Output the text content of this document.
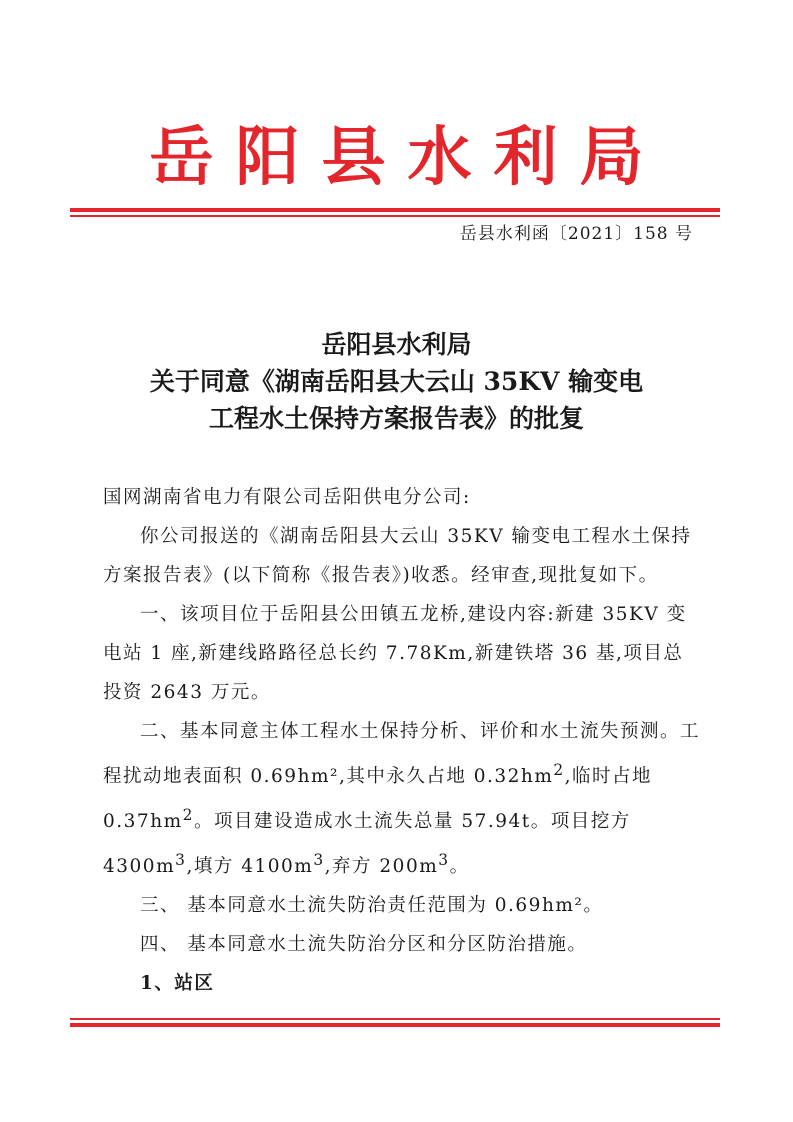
岳阳县水利局
岳县水利函〔2021〕158 号
岳阳县水利局
关于同意《湖南岳阳县大云山 35KV 输变电
工程水土保持方案报告表》的批复

国网湖南省电力有限公司岳阳供电分公司:

你公司报送的《湖南岳阳县大云山 35KV 输变电工程水土保持方案报告表》(以下简称《报告表》)收悉。经审查,现批复如下。

一、该项目位于岳阳县公田镇五龙桥,建设内容:新建 35KV 变电站 1 座,新建线路路径总长约 7.78Km,新建铁塔 36 基,项目总投资 2643 万元。

二、基本同意主体工程水土保持分析、评价和水土流失预测。工程扰动地表面积 0.69hm²,其中永久占地 $0.32hm^2$,临时占地 $0.37hm^2$。项目建设造成水土流失总量 57.94t。项目挖方 $4300m^3$,填方 $4100m^3$,弃方 $200m^3$。

三、 基本同意水土流失防治责任范围为 0.69hm²。

四、 基本同意水土流失防治分区和分区防治措施。

1、站区
